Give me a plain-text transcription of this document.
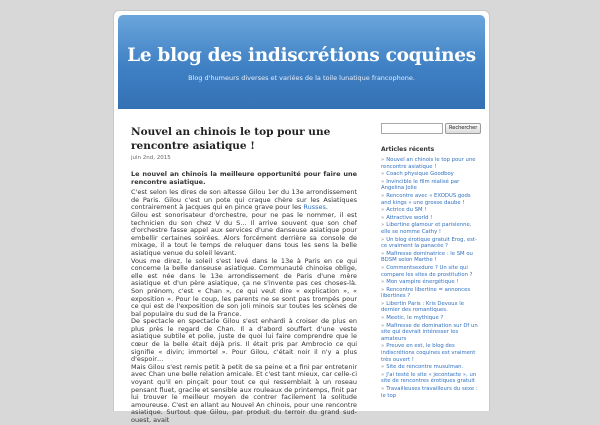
Le blog des indiscrétions coquines
Blog d'humeurs diverses et variées de la toile lunatique francophone.
Nouvel an chinois le top pour une rencontre asiatique !
juin 2nd, 2015

Le nouvel an chinois la meilleure opportunité pour faire une rencontre asiatique.

C'est selon les dires de son altesse Gilou 1er du 13e arrondissement de Paris. Gilou c'est un pote qui craque chère sur les Asiatiques contrairement à Jacques qui en pince grave pour les Russes.

Gilou est sonorisateur d'orchestre, pour ne pas le nommer, il est technicien du son chez V du S… Il arrive souvent que son chef d'orchestre fasse appel aux services d'une danseuse asiatique pour embellir certaines soirées. Alors forcément derrière sa console de mixage, il a tout le temps de reluquer dans tous les sens la belle asiatique venue du soleil levant.

Vous me direz, le soleil s'est levé dans le 13e à Paris en ce qui concerne la belle danseuse asiatique. Communauté chinoise oblige, elle est née dans le 13e arrondissement de Paris d'une mère asiatique et d'un père asiatique, ça ne s'invente pas ces choses-là. Son prénom, c'est « Chan », ce qui veut dire « explication », « exposition ». Pour le coup, les parents ne se sont pas trompés pour ce qui est de l'exposition de son joli minois sur toutes les scènes de bal populaire du sud de la France.

De spectacle en spectacle Gilou s'est enhardi à croiser de plus en plus près le regard de Chan. Il a d'abord souffert d'une veste asiatique subtile et polie, juste de quoi lui faire comprendre que le cœur de la belle était déjà pris. Il était pris par Ambrocio ce qui signifie « divin; immortel ». Pour Gilou, c'était noir il n'y a plus d'espoir…

Mais Gilou s'est remis petit à petit de sa peine et a fini par entretenir avec Chan une belle relation amicale. Et c'est tant mieux, car celle-ci voyant qu'il en pinçait pour tout ce qui ressemblait à un roseau pensant fluet, gracile et sensible aux rouleaux de printemps, finit par lui trouver le meilleur moyen de contrer facilement la solitude amoureuse. C'est en allant au Nouvel An chinois, pour une rencontre asiatique. Surtout que Gilou, par produit du terroir du grand sud-ouest, avait

Rechercher
Articles récents
» Nouvel an chinois le top pour une rencontre asiatique !
» Coach physique Goodboy
» Invincible le film réalisé par Angelina Jolie
» Rencontre avec « EXODUS gods and kings » une grosse daube !
» Actrice du SM !
» Attractive world !
» Libertine glamour et parisienne, elle se nomme Cathy !
» Un blog érotique gratuit Erog, est-ce vraiment la panacée ?
» Maîtresse dominatrice : le SM ou BDSM selon Marthe !
» Commentsexdure ? Un site qui compare les sites de prostitution ?
» Mon vampire énergétique !
» Rencontre libertine = annonces libertines ?
» Libertin Paris : Kris Devoux le dernier des romantiques.
» Meetic, le mythique ?
» Maîtresse de domination sur Df un site qui devrait intéresser les amateurs
» Preuve en est, le blog des indiscrétions coquines est vraiment très ouvert !
» Site de rencontre musulman.
» J'ai testé le site « jecontacte », un site de rencontres érotiques gratuit
» Travailleuses travailleurs du sexe : le top
